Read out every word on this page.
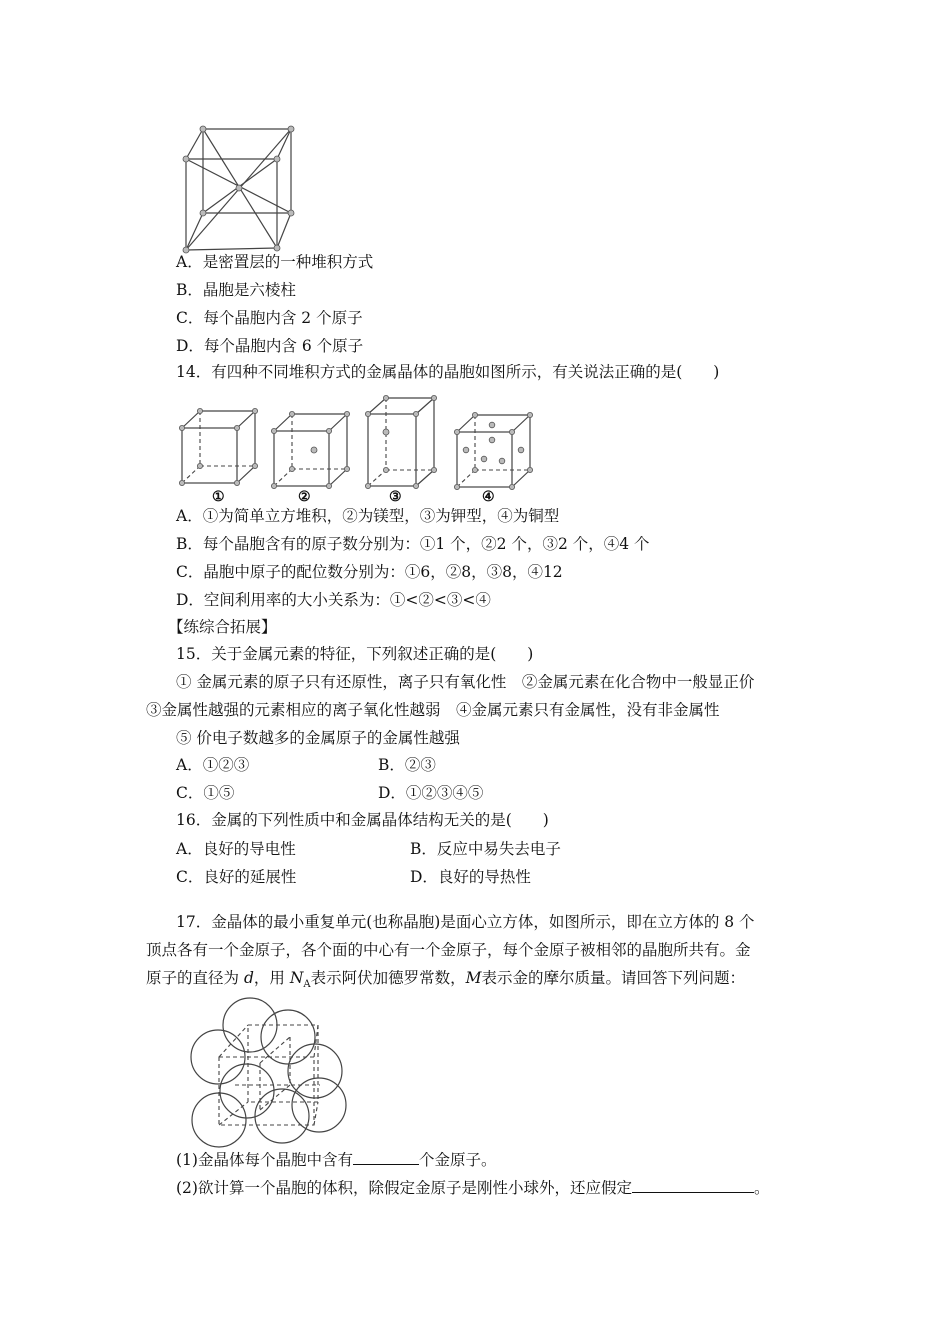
A．是密置层的一种堆积方式
B．晶胞是六棱柱
C．每个晶胞内含 2 个原子
D．每个晶胞内含 6 个原子
14．有四种不同堆积方式的金属晶体的晶胞如图所示，有关说法正确的是(　　)
①	②	③	④
A．①为简单立方堆积，②为镁型，③为钾型，④为铜型
B．每个晶胞含有的原子数分别为：①1 个，②2 个，③2 个，④4 个
C．晶胞中原子的配位数分别为：①6，②8，③8，④12
D．空间利用率的大小关系为：①<②<③<④
【练综合拓展】
15．关于金属元素的特征，下列叙述正确的是(　　)
① 金属元素的原子只有还原性，离子只有氧化性　②金属元素在化合物中一般显正价
③金属性越强的元素相应的离子氧化性越弱　④金属元素只有金属性，没有非金属性
⑤ 价电子数越多的金属原子的金属性越强
A．①②③	B．②③
C．①⑤	D．①②③④⑤
16．金属的下列性质中和金属晶体结构无关的是(　　)
A．良好的导电性	B．反应中易失去电子
C．良好的延展性	D．良好的导热性
17．金晶体的最小重复单元(也称晶胞)是面心立方体，如图所示，即在立方体的 8 个
顶点各有一个金原子，各个面的中心有一个金原子，每个金原子被相邻的晶胞所共有。金
原子的直径为 d，用 $N_A$表示阿伏加德罗常数，M表示金的摩尔质量。请回答下列问题：
(1)金晶体每个晶胞中含有	个金原子。
(2)欲计算一个晶胞的体积，除假定金原子是刚性小球外，还应假定	。
